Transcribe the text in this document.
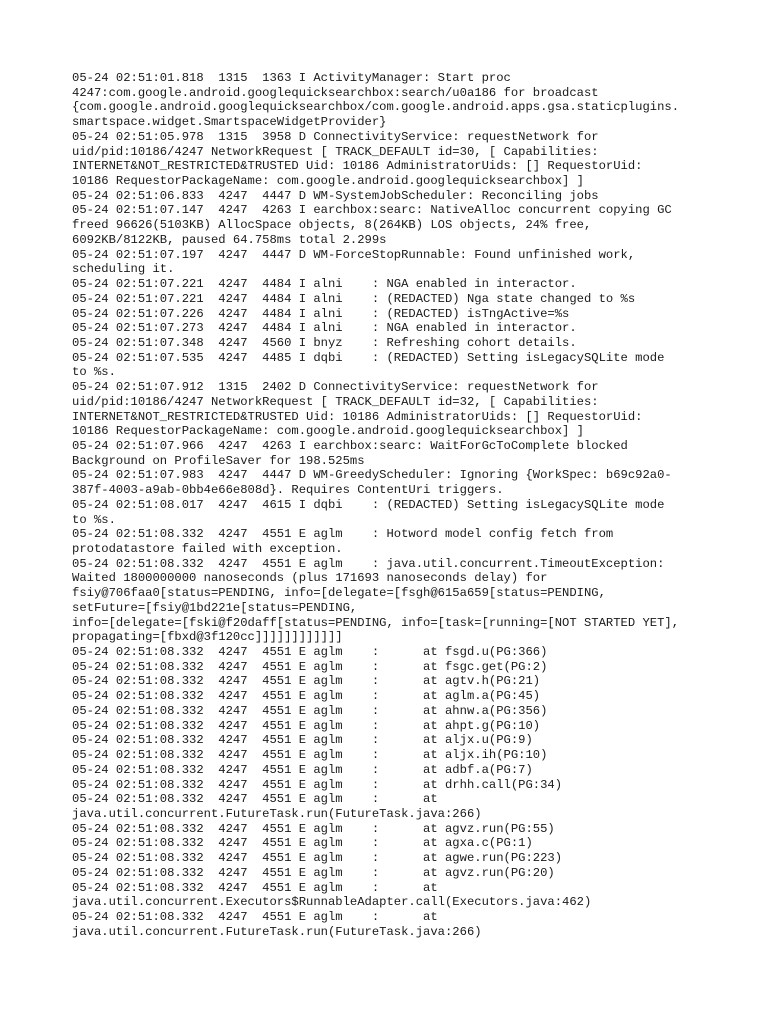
05-24 02:51:01.818  1315  1363 I ActivityManager: Start proc
4247:com.google.android.googlequicksearchbox:search/u0a186 for broadcast
{com.google.android.googlequicksearchbox/com.google.android.apps.gsa.staticplugins.
smartspace.widget.SmartspaceWidgetProvider}
05-24 02:51:05.978  1315  3958 D ConnectivityService: requestNetwork for
uid/pid:10186/4247 NetworkRequest [ TRACK_DEFAULT id=30, [ Capabilities:
INTERNET&NOT_RESTRICTED&TRUSTED Uid: 10186 AdministratorUids: [] RequestorUid:
10186 RequestorPackageName: com.google.android.googlequicksearchbox] ]
05-24 02:51:06.833  4247  4447 D WM-SystemJobScheduler: Reconciling jobs
05-24 02:51:07.147  4247  4263 I earchbox:searc: NativeAlloc concurrent copying GC
freed 96626(5103KB) AllocSpace objects, 8(264KB) LOS objects, 24% free,
6092KB/8122KB, paused 64.758ms total 2.299s
05-24 02:51:07.197  4247  4447 D WM-ForceStopRunnable: Found unfinished work,
scheduling it.
05-24 02:51:07.221  4247  4484 I alni    : NGA enabled in interactor.
05-24 02:51:07.221  4247  4484 I alni    : (REDACTED) Nga state changed to %s
05-24 02:51:07.226  4247  4484 I alni    : (REDACTED) isTngActive=%s
05-24 02:51:07.273  4247  4484 I alni    : NGA enabled in interactor.
05-24 02:51:07.348  4247  4560 I bnyz    : Refreshing cohort details.
05-24 02:51:07.535  4247  4485 I dqbi    : (REDACTED) Setting isLegacySQLite mode
to %s.
05-24 02:51:07.912  1315  2402 D ConnectivityService: requestNetwork for
uid/pid:10186/4247 NetworkRequest [ TRACK_DEFAULT id=32, [ Capabilities:
INTERNET&NOT_RESTRICTED&TRUSTED Uid: 10186 AdministratorUids: [] RequestorUid:
10186 RequestorPackageName: com.google.android.googlequicksearchbox] ]
05-24 02:51:07.966  4247  4263 I earchbox:searc: WaitForGcToComplete blocked
Background on ProfileSaver for 198.525ms
05-24 02:51:07.983  4247  4447 D WM-GreedyScheduler: Ignoring {WorkSpec: b69c92a0-
387f-4003-a9ab-0bb4e66e808d}. Requires ContentUri triggers.
05-24 02:51:08.017  4247  4615 I dqbi    : (REDACTED) Setting isLegacySQLite mode
to %s.
05-24 02:51:08.332  4247  4551 E aglm    : Hotword model config fetch from
protodatastore failed with exception.
05-24 02:51:08.332  4247  4551 E aglm    : java.util.concurrent.TimeoutException:
Waited 1800000000 nanoseconds (plus 171693 nanoseconds delay) for
fsiy@706faa0[status=PENDING, info=[delegate=[fsgh@615a659[status=PENDING,
setFuture=[fsiy@1bd221e[status=PENDING,
info=[delegate=[fski@f20daff[status=PENDING, info=[task=[running=[NOT STARTED YET],
propagating=[fbxd@3f120cc]]]]]]]]]]]]
05-24 02:51:08.332  4247  4551 E aglm    :      at fsgd.u(PG:366)
05-24 02:51:08.332  4247  4551 E aglm    :      at fsgc.get(PG:2)
05-24 02:51:08.332  4247  4551 E aglm    :      at agtv.h(PG:21)
05-24 02:51:08.332  4247  4551 E aglm    :      at aglm.a(PG:45)
05-24 02:51:08.332  4247  4551 E aglm    :      at ahnw.a(PG:356)
05-24 02:51:08.332  4247  4551 E aglm    :      at ahpt.g(PG:10)
05-24 02:51:08.332  4247  4551 E aglm    :      at aljx.u(PG:9)
05-24 02:51:08.332  4247  4551 E aglm    :      at aljx.ih(PG:10)
05-24 02:51:08.332  4247  4551 E aglm    :      at adbf.a(PG:7)
05-24 02:51:08.332  4247  4551 E aglm    :      at drhh.call(PG:34)
05-24 02:51:08.332  4247  4551 E aglm    :      at
java.util.concurrent.FutureTask.run(FutureTask.java:266)
05-24 02:51:08.332  4247  4551 E aglm    :      at agvz.run(PG:55)
05-24 02:51:08.332  4247  4551 E aglm    :      at agxa.c(PG:1)
05-24 02:51:08.332  4247  4551 E aglm    :      at agwe.run(PG:223)
05-24 02:51:08.332  4247  4551 E aglm    :      at agvz.run(PG:20)
05-24 02:51:08.332  4247  4551 E aglm    :      at
java.util.concurrent.Executors$RunnableAdapter.call(Executors.java:462)
05-24 02:51:08.332  4247  4551 E aglm    :      at
java.util.concurrent.FutureTask.run(FutureTask.java:266)
